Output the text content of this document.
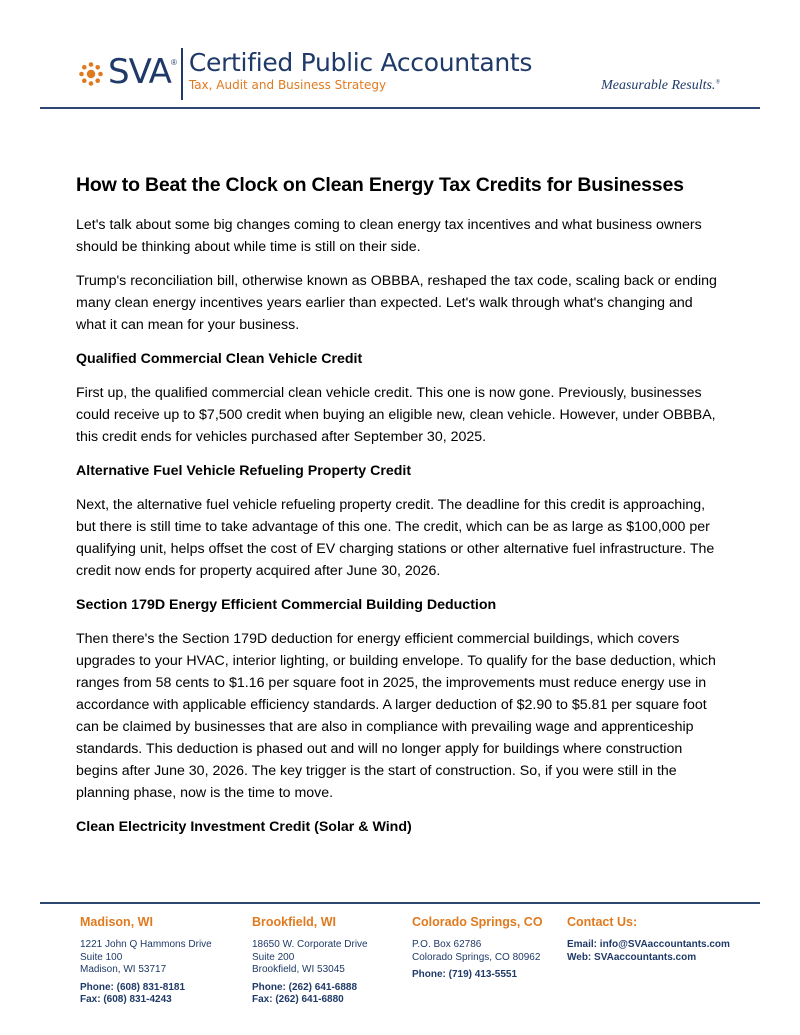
SVA ® Certified Public Accountants
Tax, Audit and Business Strategy	Measurable Results.®
How to Beat the Clock on Clean Energy Tax Credits for Businesses

Let's talk about some big changes coming to clean energy tax incentives and what business owners should be thinking about while time is still on their side.

Trump's reconciliation bill, otherwise known as OBBBA, reshaped the tax code, scaling back or ending many clean energy incentives years earlier than expected. Let's walk through what's changing and what it can mean for your business.

Qualified Commercial Clean Vehicle Credit

First up, the qualified commercial clean vehicle credit. This one is now gone. Previously, businesses could receive up to $7,500 credit when buying an eligible new, clean vehicle. However, under OBBBA, this credit ends for vehicles purchased after September 30, 2025.

Alternative Fuel Vehicle Refueling Property Credit

Next, the alternative fuel vehicle refueling property credit. The deadline for this credit is approaching, but there is still time to take advantage of this one. The credit, which can be as large as $100,000 per qualifying unit, helps offset the cost of EV charging stations or other alternative fuel infrastructure. The credit now ends for property acquired after June 30, 2026.

Section 179D Energy Efficient Commercial Building Deduction

Then there's the Section 179D deduction for energy efficient commercial buildings, which covers upgrades to your HVAC, interior lighting, or building envelope. To qualify for the base deduction, which ranges from 58 cents to $1.16 per square foot in 2025, the improvements must reduce energy use in accordance with applicable efficiency standards. A larger deduction of $2.90 to $5.81 per square foot can be claimed by businesses that are also in compliance with prevailing wage and apprenticeship standards. This deduction is phased out and will no longer apply for buildings where construction begins after June 30, 2026. The key trigger is the start of construction. So, if you were still in the planning phase, now is the time to move.

Clean Electricity Investment Credit (Solar & Wind)

Madison, WI
1221 John Q Hammons Drive
Suite 100
Madison, WI 53717
Phone: (608) 831-8181
Fax: (608) 831-4243
Brookfield, WI
18650 W. Corporate Drive
Suite 200
Brookfield, WI 53045
Phone: (262) 641-6888
Fax: (262) 641-6880
Colorado Springs, CO
P.O. Box 62786
Colorado Springs, CO 80962
Phone: (719) 413-5551
Contact Us:
Email: info@SVAaccountants.com
Web: SVAaccountants.com
